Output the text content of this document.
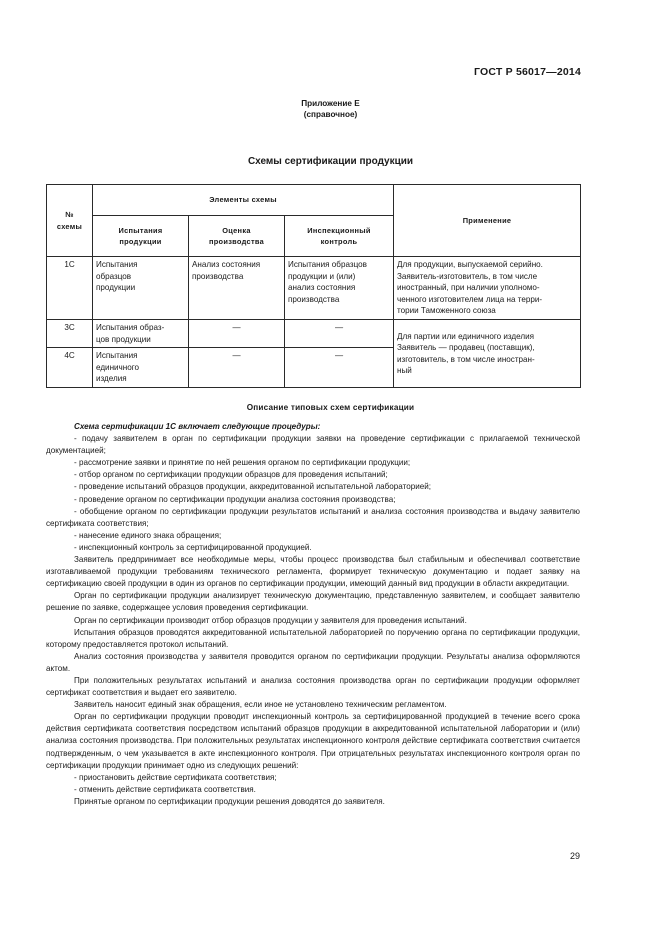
ГОСТ Р 56017—2014
Приложение Е
(справочное)
Схемы сертификации продукции
№
схемы	Элементы схемы			Применение
	Испытания
продукции	Оценка
производства	Инспекционный
контроль	
1С	Испытания
образцов
продукции	Анализ состояния
производства	Испытания образцов
продукции и (или)
анализ состояния
производства	Для продукции, выпускаемой серийно.
Заявитель-изготовитель, в том числе
иностранный, при наличии уполномо-
ченного изготовителем лица на терри-
тории Таможенного союза
3С	Испытания образ-
цов продукции	—	—	Для партии или единичного изделия
Заявитель — продавец (поставщик),
изготовитель, в том числе иностран-
ный
4С	Испытания
единичного
изделия	—	—	
Описание типовых схем сертификации

Схема сертификации 1С включает следующие процедуры:

- подачу заявителем в орган по сертификации продукции заявки на проведение сертификации с прилагаемой технической документацией;

- рассмотрение заявки и принятие по ней решения органом по сертификации продукции;

- отбор органом по сертификации продукции образцов для проведения испытаний;

- проведение испытаний образцов продукции, аккредитованной испытательной лабораторией;

- проведение органом по сертификации продукции анализа состояния производства;

- обобщение органом по сертификации продукции результатов испытаний и анализа состояния производства и выдачу заявителю сертификата соответствия;

- нанесение единого знака обращения;

- инспекционный контроль за сертифицированной продукцией.

Заявитель предпринимает все необходимые меры, чтобы процесс производства был стабильным и обеспечивал соответствие изготавливаемой продукции требованиям технического регламента, формирует техническую документацию и подает заявку на сертификацию своей продукции в один из органов по сертификации продукции, имеющий данный вид продукции в области аккредитации.

Орган по сертификации продукции анализирует техническую документацию, представленную заявителем, и сообщает заявителю решение по заявке, содержащее условия проведения сертификации.

Орган по сертификации производит отбор образцов продукции у заявителя для проведения испытаний.

Испытания образцов проводятся аккредитованной испытательной лабораторией по поручению органа по сертификации продукции, которому предоставляется протокол испытаний.

Анализ состояния производства у заявителя проводится органом по сертификации продукции. Результаты анализа оформляются актом.

При положительных результатах испытаний и анализа состояния производства орган по сертификации продукции оформляет сертификат соответствия и выдает его заявителю.

Заявитель наносит единый знак обращения, если иное не установлено техническим регламентом.

Орган по сертификации продукции проводит инспекционный контроль за сертифицированной продукцией в течение всего срока действия сертификата соответствия посредством испытаний образцов продукции в аккредитованной испытательной лаборатории и (или) анализа состояния производства. При положительных результатах инспекционного контроля действие сертификата соответствия считается подтвержденным, о чем указывается в акте инспекционного контроля. При отрицательных результатах инспекционного контроля орган по сертификации продукции принимает одно из следующих решений:

- приостановить действие сертификата соответствия;

- отменить действие сертификата соответствия.

Принятые органом по сертификации продукции решения доводятся до заявителя.

29
